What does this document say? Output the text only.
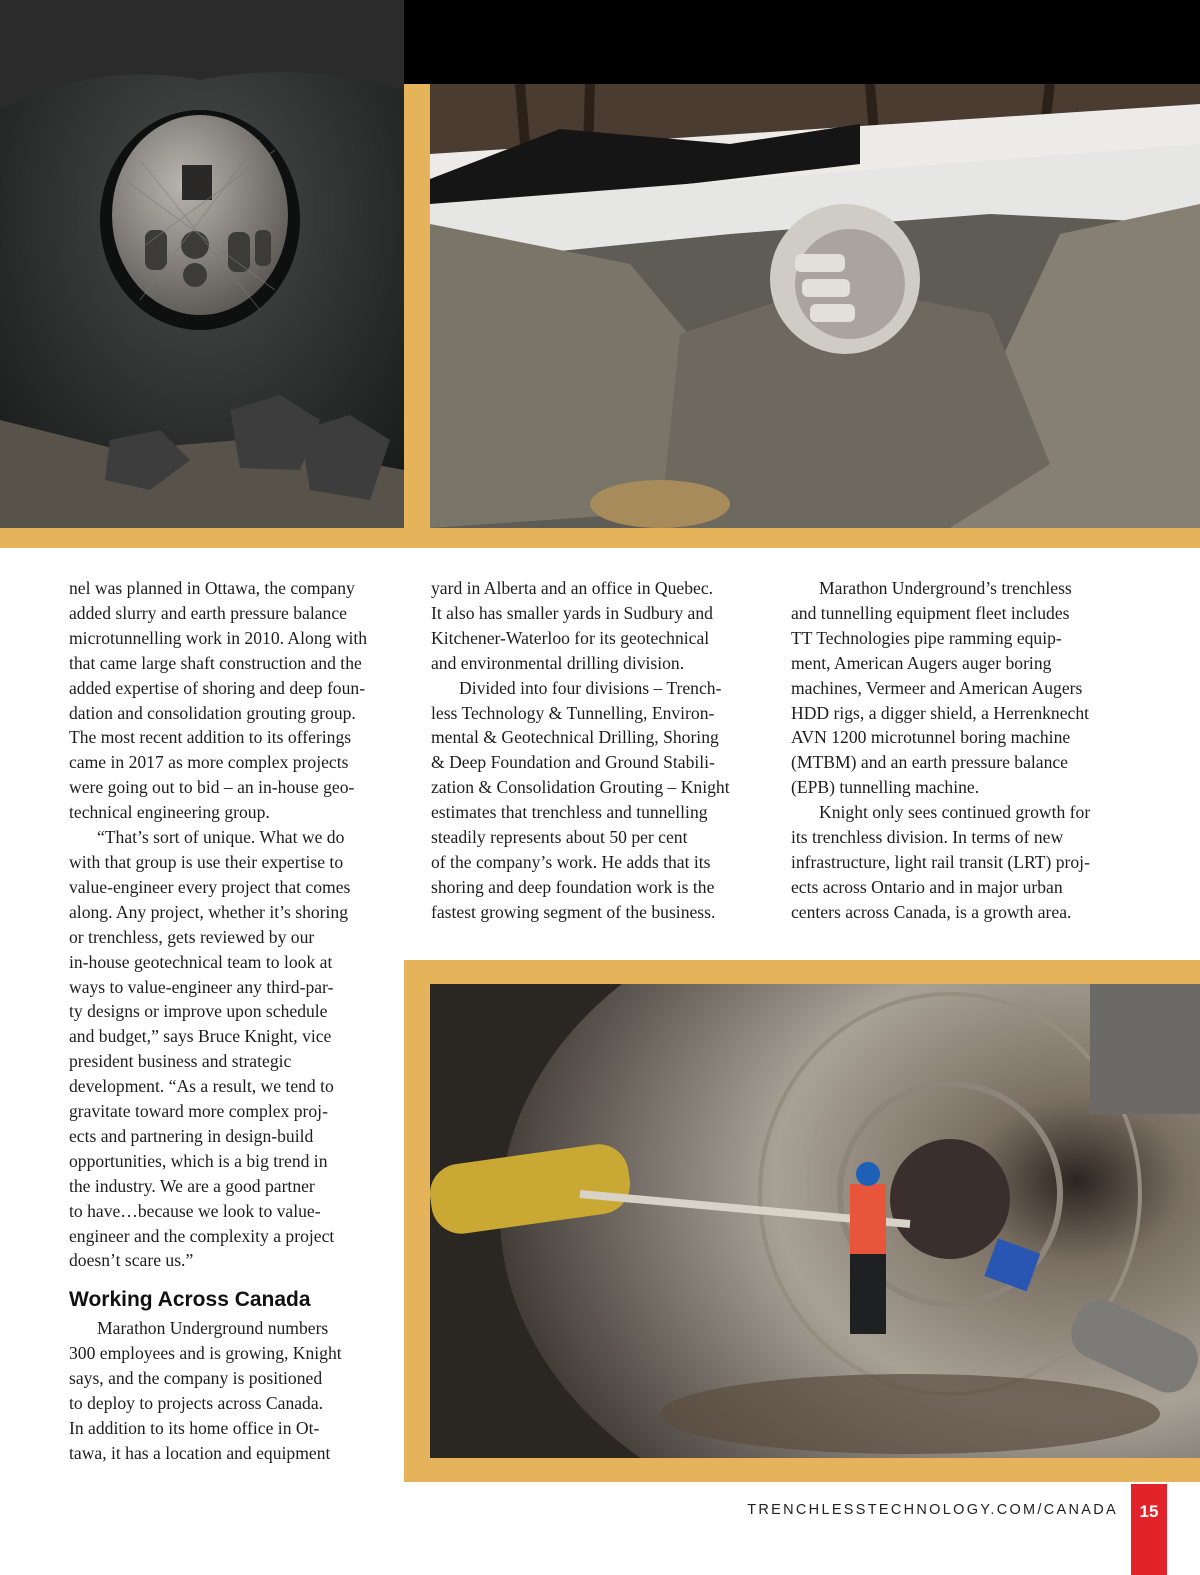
nel was planned in Ottawa, the company

added slurry and earth pressure balance

microtunnelling work in 2010. Along with

that came large shaft construction and the

added expertise of shoring and deep foun-

dation and consolidation grouting group.

The most recent addition to its offerings

came in 2017 as more complex projects

were going out to bid – an in-house geo-

technical engineering group.

“That’s sort of unique. What we do

with that group is use their expertise to

value-engineer every project that comes

along. Any project, whether it’s shoring

or trenchless, gets reviewed by our

in-house geotechnical team to look at

ways to value-engineer any third-par-

ty designs or improve upon schedule

and budget,” says Bruce Knight, vice

president business and strategic

development. “As a result, we tend to

gravitate toward more complex proj-

ects and partnering in design-build

opportunities, which is a big trend in

the industry. We are a good partner

to have…because we look to value-

engineer and the complexity a project

doesn’t scare us.”

Working Across Canada

Marathon Underground numbers

300 employees and is growing, Knight

says, and the company is positioned

to deploy to projects across Canada.

In addition to its home office in Ot-

tawa, it has a location and equipment

yard in Alberta and an office in Quebec.

It also has smaller yards in Sudbury and

Kitchener-Waterloo for its geotechnical

and environmental drilling division.

Divided into four divisions – Trench-

less Technology & Tunnelling, Environ-

mental & Geotechnical Drilling, Shoring

& Deep Foundation and Ground Stabili-

zation & Consolidation Grouting – Knight

estimates that trenchless and tunnelling

steadily represents about 50 per cent

of the company’s work. He adds that its

shoring and deep foundation work is the

fastest growing segment of the business.

Marathon Underground’s trenchless

and tunnelling equipment fleet includes

TT Technologies pipe ramming equip-

ment, American Augers auger boring

machines, Vermeer and American Augers

HDD rigs, a digger shield, a Herrenknecht

AVN 1200 microtunnel boring machine

(MTBM) and an earth pressure balance

(EPB) tunnelling machine.

Knight only sees continued growth for

its trenchless division. In terms of new

infrastructure, light rail transit (LRT) proj-

ects across Ontario and in major urban

centers across Canada, is a growth area.

TRENCHLESSTECHNOLOGY.COM/CANADA	15
